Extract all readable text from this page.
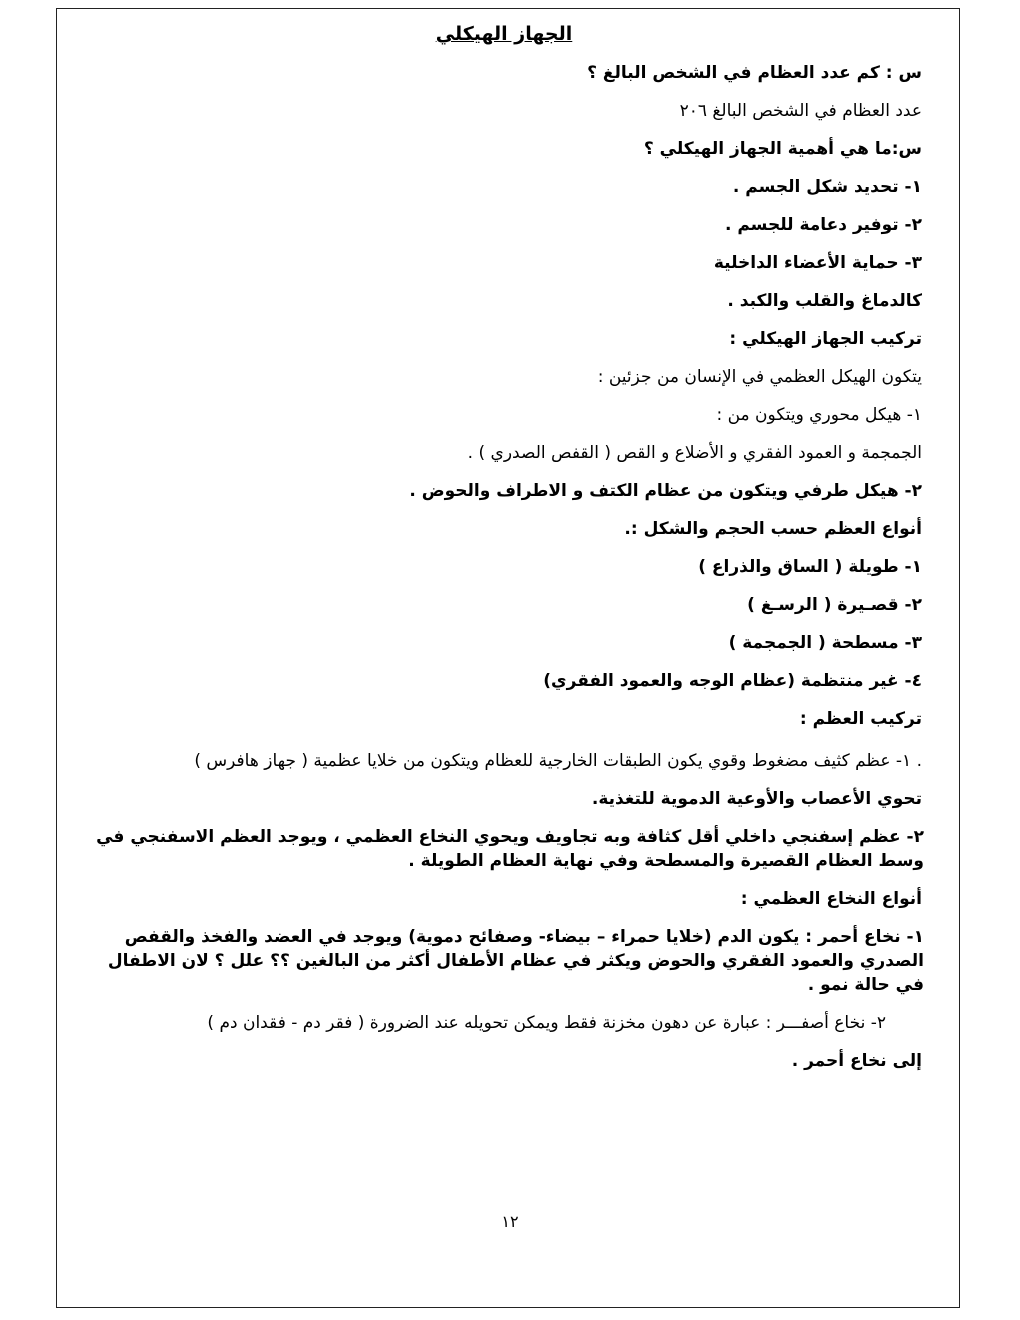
الجهاز الهيكلي
س : كم عدد العظام في الشخص البالغ ؟
عدد العظام في الشخص البالغ ٢٠٦
س:ما هي أهمية الجهاز الهيكلي ؟
١- تحديد شكل الجسم .
٢- توفير دعامة للجسم .
٣- حماية الأعضاء الداخلية
كالدماغ والقلب والكبد .
تركيب الجهاز الهيكلي :
يتكون الهيكل العظمي في الإنسان من جزئين :
١- هيكل محوري ويتكون من :
الجمجمة و العمود الفقري و الأضلاع و القص ( القفص الصدري ) .
٢- هيكل طرفي ويتكون من عظام الكتف و الاطراف والحوض .
أنواع العظم حسب الحجم والشكل :.
١- طويلة ( الساق والذراع )
٢- قصـيرة ( الرسـغ )
٣- مسطحة ( الجمجمة )
٤- غير منتظمة (عظام الوجه والعمود الفقري)
تركيب العظم :
. ١- عظم كثيف مضغوط وقوي يكون الطبقات الخارجية للعظام ويتكون من خلايا عظمية ( جهاز هافرس )
تحوي الأعصاب والأوعية الدموية للتغذية.
٢- عظم إسفنجي داخلي أقل كثافة وبه تجاويف ويحوي النخاع العظمي ، ويوجد العظم الاسفنجي في وسط العظام القصيرة والمسطحة وفي نهاية العظام الطويلة .
أنواع النخاع العظمي :
١- نخاع أحمر : يكون الدم (خلايا حمراء – بيضاء- وصفائح دموية) ويوجد في العضد والفخذ والقفص الصدري والعمود الفقري والحوض ويكثر في عظام الأطفال أكثر من البالغين ؟؟ علل ؟ لان الاطفال في حالة نمو .
٢- نخاع أصفـــر : عبارة عن دهون مخزنة فقط ويمكن تحويله عند الضرورة ( فقر دم - فقدان دم )
إلى نخاع أحمر .
١٢
